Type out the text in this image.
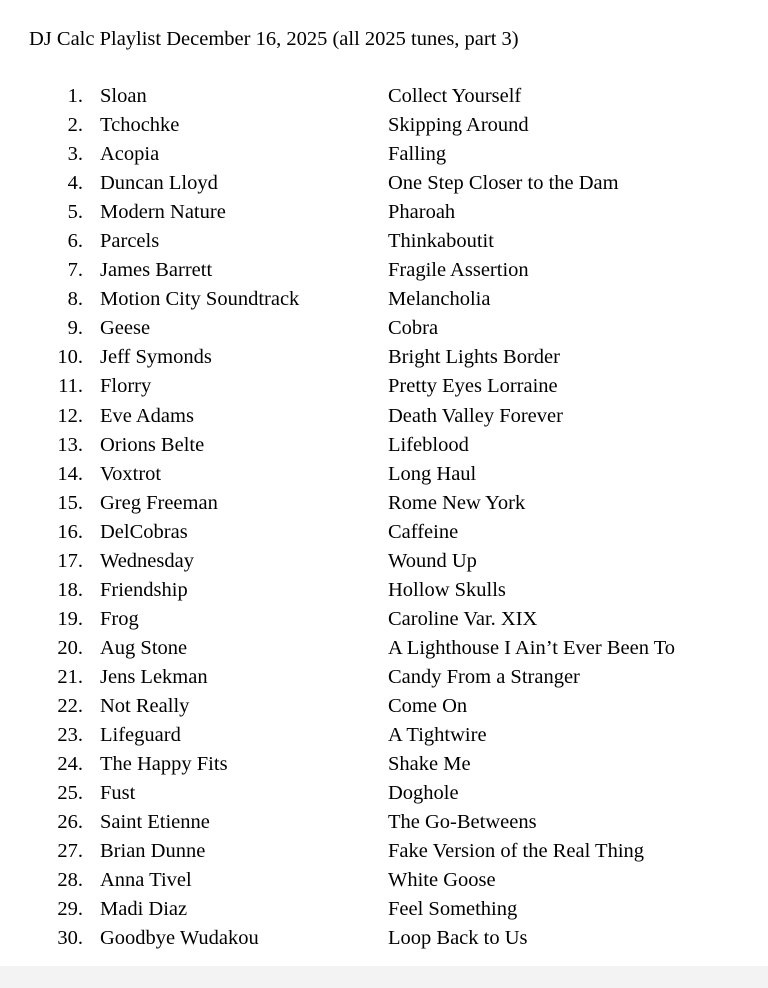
DJ Calc Playlist December 16, 2025 (all 2025 tunes, part 3)
1. Sloan	Collect Yourself
2. Tchochke	Skipping Around
3. Acopia	Falling
4. Duncan Lloyd	One Step Closer to the Dam
5. Modern Nature	Pharoah
6. Parcels	Thinkaboutit
7. James Barrett	Fragile Assertion
8. Motion City Soundtrack	Melancholia
9. Geese	Cobra
10. Jeff Symonds	Bright Lights Border
11. Florry	Pretty Eyes Lorraine
12. Eve Adams	Death Valley Forever
13. Orions Belte	Lifeblood
14. Voxtrot	Long Haul
15. Greg Freeman	Rome New York
16. DelCobras	Caffeine
17. Wednesday	Wound Up
18. Friendship	Hollow Skulls
19. Frog	Caroline Var. XIX
20. Aug Stone	A Lighthouse I Ain’t Ever Been To
21. Jens Lekman	Candy From a Stranger
22. Not Really	Come On
23. Lifeguard	A Tightwire
24. The Happy Fits	Shake Me
25. Fust	Doghole
26. Saint Etienne	The Go-Betweens
27. Brian Dunne	Fake Version of the Real Thing
28. Anna Tivel	White Goose
29. Madi Diaz	Feel Something
30. Goodbye Wudakou	Loop Back to Us
